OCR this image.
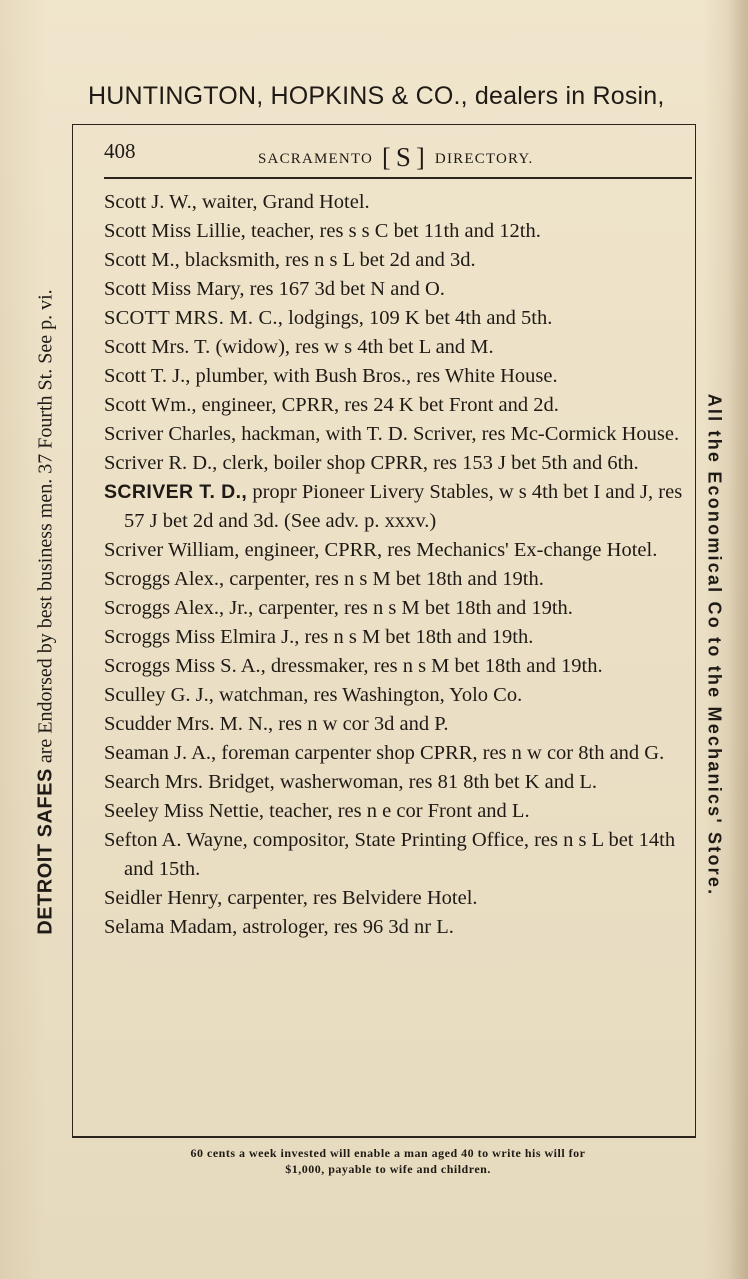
HUNTINGTON, HOPKINS & CO., dealers in Rosin,
DETROIT SAFES are Endorsed by best business men. 37 Fourth St. See p. vi.	All the Economical Co to the Mechanics' Store.
408	SACRAMENTO [ S ] DIRECTORY.

Scott J. W., waiter, Grand Hotel.

Scott Miss Lillie, teacher, res s s C bet 11th and 12th.

Scott M., blacksmith, res n s L bet 2d and 3d.

Scott Miss Mary, res 167 3d bet N and O.

SCOTT MRS. M. C., lodgings, 109 K bet 4th and 5th.

Scott Mrs. T. (widow), res w s 4th bet L and M.

Scott T. J., plumber, with Bush Bros., res White House.

Scott Wm., engineer, CPRR, res 24 K bet Front and 2d.

Scriver Charles, hackman, with T. D. Scriver, res Mc-Cormick House.

Scriver R. D., clerk, boiler shop CPRR, res 153 J bet 5th and 6th.

SCRIVER T. D., propr Pioneer Livery Stables, w s 4th bet I and J, res 57 J bet 2d and 3d. (See adv. p. xxxv.)

Scriver William, engineer, CPRR, res Mechanics' Ex-change Hotel.

Scroggs Alex., carpenter, res n s M bet 18th and 19th.

Scroggs Alex., Jr., carpenter, res n s M bet 18th and 19th.

Scroggs Miss Elmira J., res n s M bet 18th and 19th.

Scroggs Miss S. A., dressmaker, res n s M bet 18th and 19th.

Sculley G. J., watchman, res Washington, Yolo Co.

Scudder Mrs. M. N., res n w cor 3d and P.

Seaman J. A., foreman carpenter shop CPRR, res n w cor 8th and G.

Search Mrs. Bridget, washerwoman, res 81 8th bet K and L.

Seeley Miss Nettie, teacher, res n e cor Front and L.

Sefton A. Wayne, compositor, State Printing Office, res n s L bet 14th and 15th.

Seidler Henry, carpenter, res Belvidere Hotel.

Selama Madam, astrologer, res 96 3d nr L.

60 cents a week invested will enable a man aged 40 to write his will for
$1,000, payable to wife and children.
